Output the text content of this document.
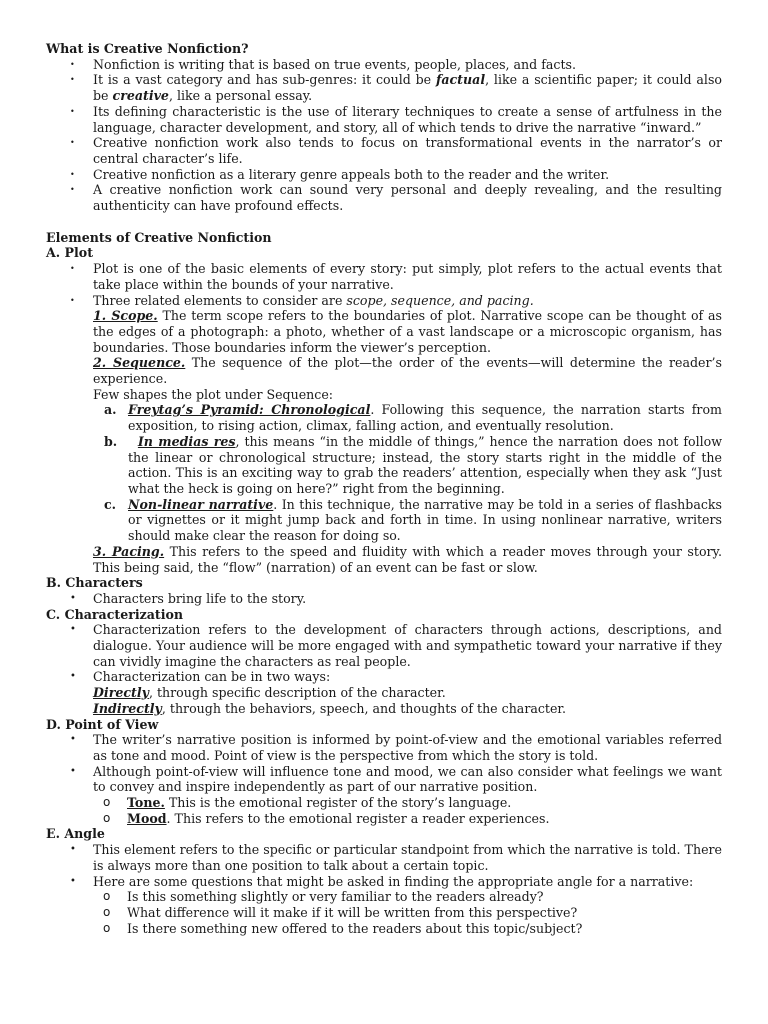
What is Creative Nonfiction?

• Nonfiction is writing that is based on true events, people, places, and facts.
• It is a vast category and has sub-genres: it could be factual, like a scientific paper; it could also be creative, like a personal essay.
• Its defining characteristic is the use of literary techniques to create a sense of artfulness in the language, character development, and story, all of which tends to drive the narrative “inward.”
• Creative nonfiction work also tends to focus on transformational events in the narrator’s or central character’s life.
• Creative nonfiction as a literary genre appeals both to the reader and the writer.
• A creative nonfiction work can sound very personal and deeply revealing, and the resulting authenticity can have profound effects.

Elements of Creative Nonfiction

A. Plot

• Plot is one of the basic elements of every story: put simply, plot refers to the actual events that take place within the bounds of your narrative.
• Three related elements to consider are scope, sequence, and pacing.

1. Scope. The term scope refers to the boundaries of plot. Narrative scope can be thought of as the edges of a photograph: a photo, whether of a vast landscape or a microscopic organism, has boundaries. Those boundaries inform the viewer’s perception.

2. Sequence. The sequence of the plot—the order of the events—will determine the reader’s experience.

Few shapes the plot under Sequence:

a. Freytag’s Pyramid: Chronological. Following this sequence, the narration starts from exposition, to rising action, climax, falling action, and eventually resolution.
b. In medias res, this means “in the middle of things,” hence the narration does not follow the linear or chronological structure; instead, the story starts right in the middle of the action. This is an exciting way to grab the readers’ attention, especially when they ask “Just what the heck is going on here?” right from the beginning.
c. Non-linear narrative. In this technique, the narrative may be told in a series of flashbacks or vignettes or it might jump back and forth in time. In using nonlinear narrative, writers should make clear the reason for doing so.

3. Pacing. This refers to the speed and fluidity with which a reader moves through your story. This being said, the “flow” (narration) of an event can be fast or slow.

B. Characters

• Characters bring life to the story.

C. Characterization

• Characterization refers to the development of characters through actions, descriptions, and dialogue. Your audience will be more engaged with and sympathetic toward your narrative if they can vividly imagine the characters as real people.
• Characterization can be in two ways:

Directly, through specific description of the character.

Indirectly, through the behaviors, speech, and thoughts of the character.

D. Point of View

• The writer’s narrative position is informed by point-of-view and the emotional variables referred as tone and mood. Point of view is the perspective from which the story is told.
• Although point-of-view will influence tone and mood, we can also consider what feelings we want to convey and inspire independently as part of our narrative position.
o Tone. This is the emotional register of the story’s language.
o Mood. This refers to the emotional register a reader experiences.

E. Angle

• This element refers to the specific or particular standpoint from which the narrative is told. There is always more than one position to talk about a certain topic.
• Here are some questions that might be asked in finding the appropriate angle for a narrative:
o Is this something slightly or very familiar to the readers already?
o What difference will it make if it will be written from this perspective?
o Is there something new offered to the readers about this topic/subject?
